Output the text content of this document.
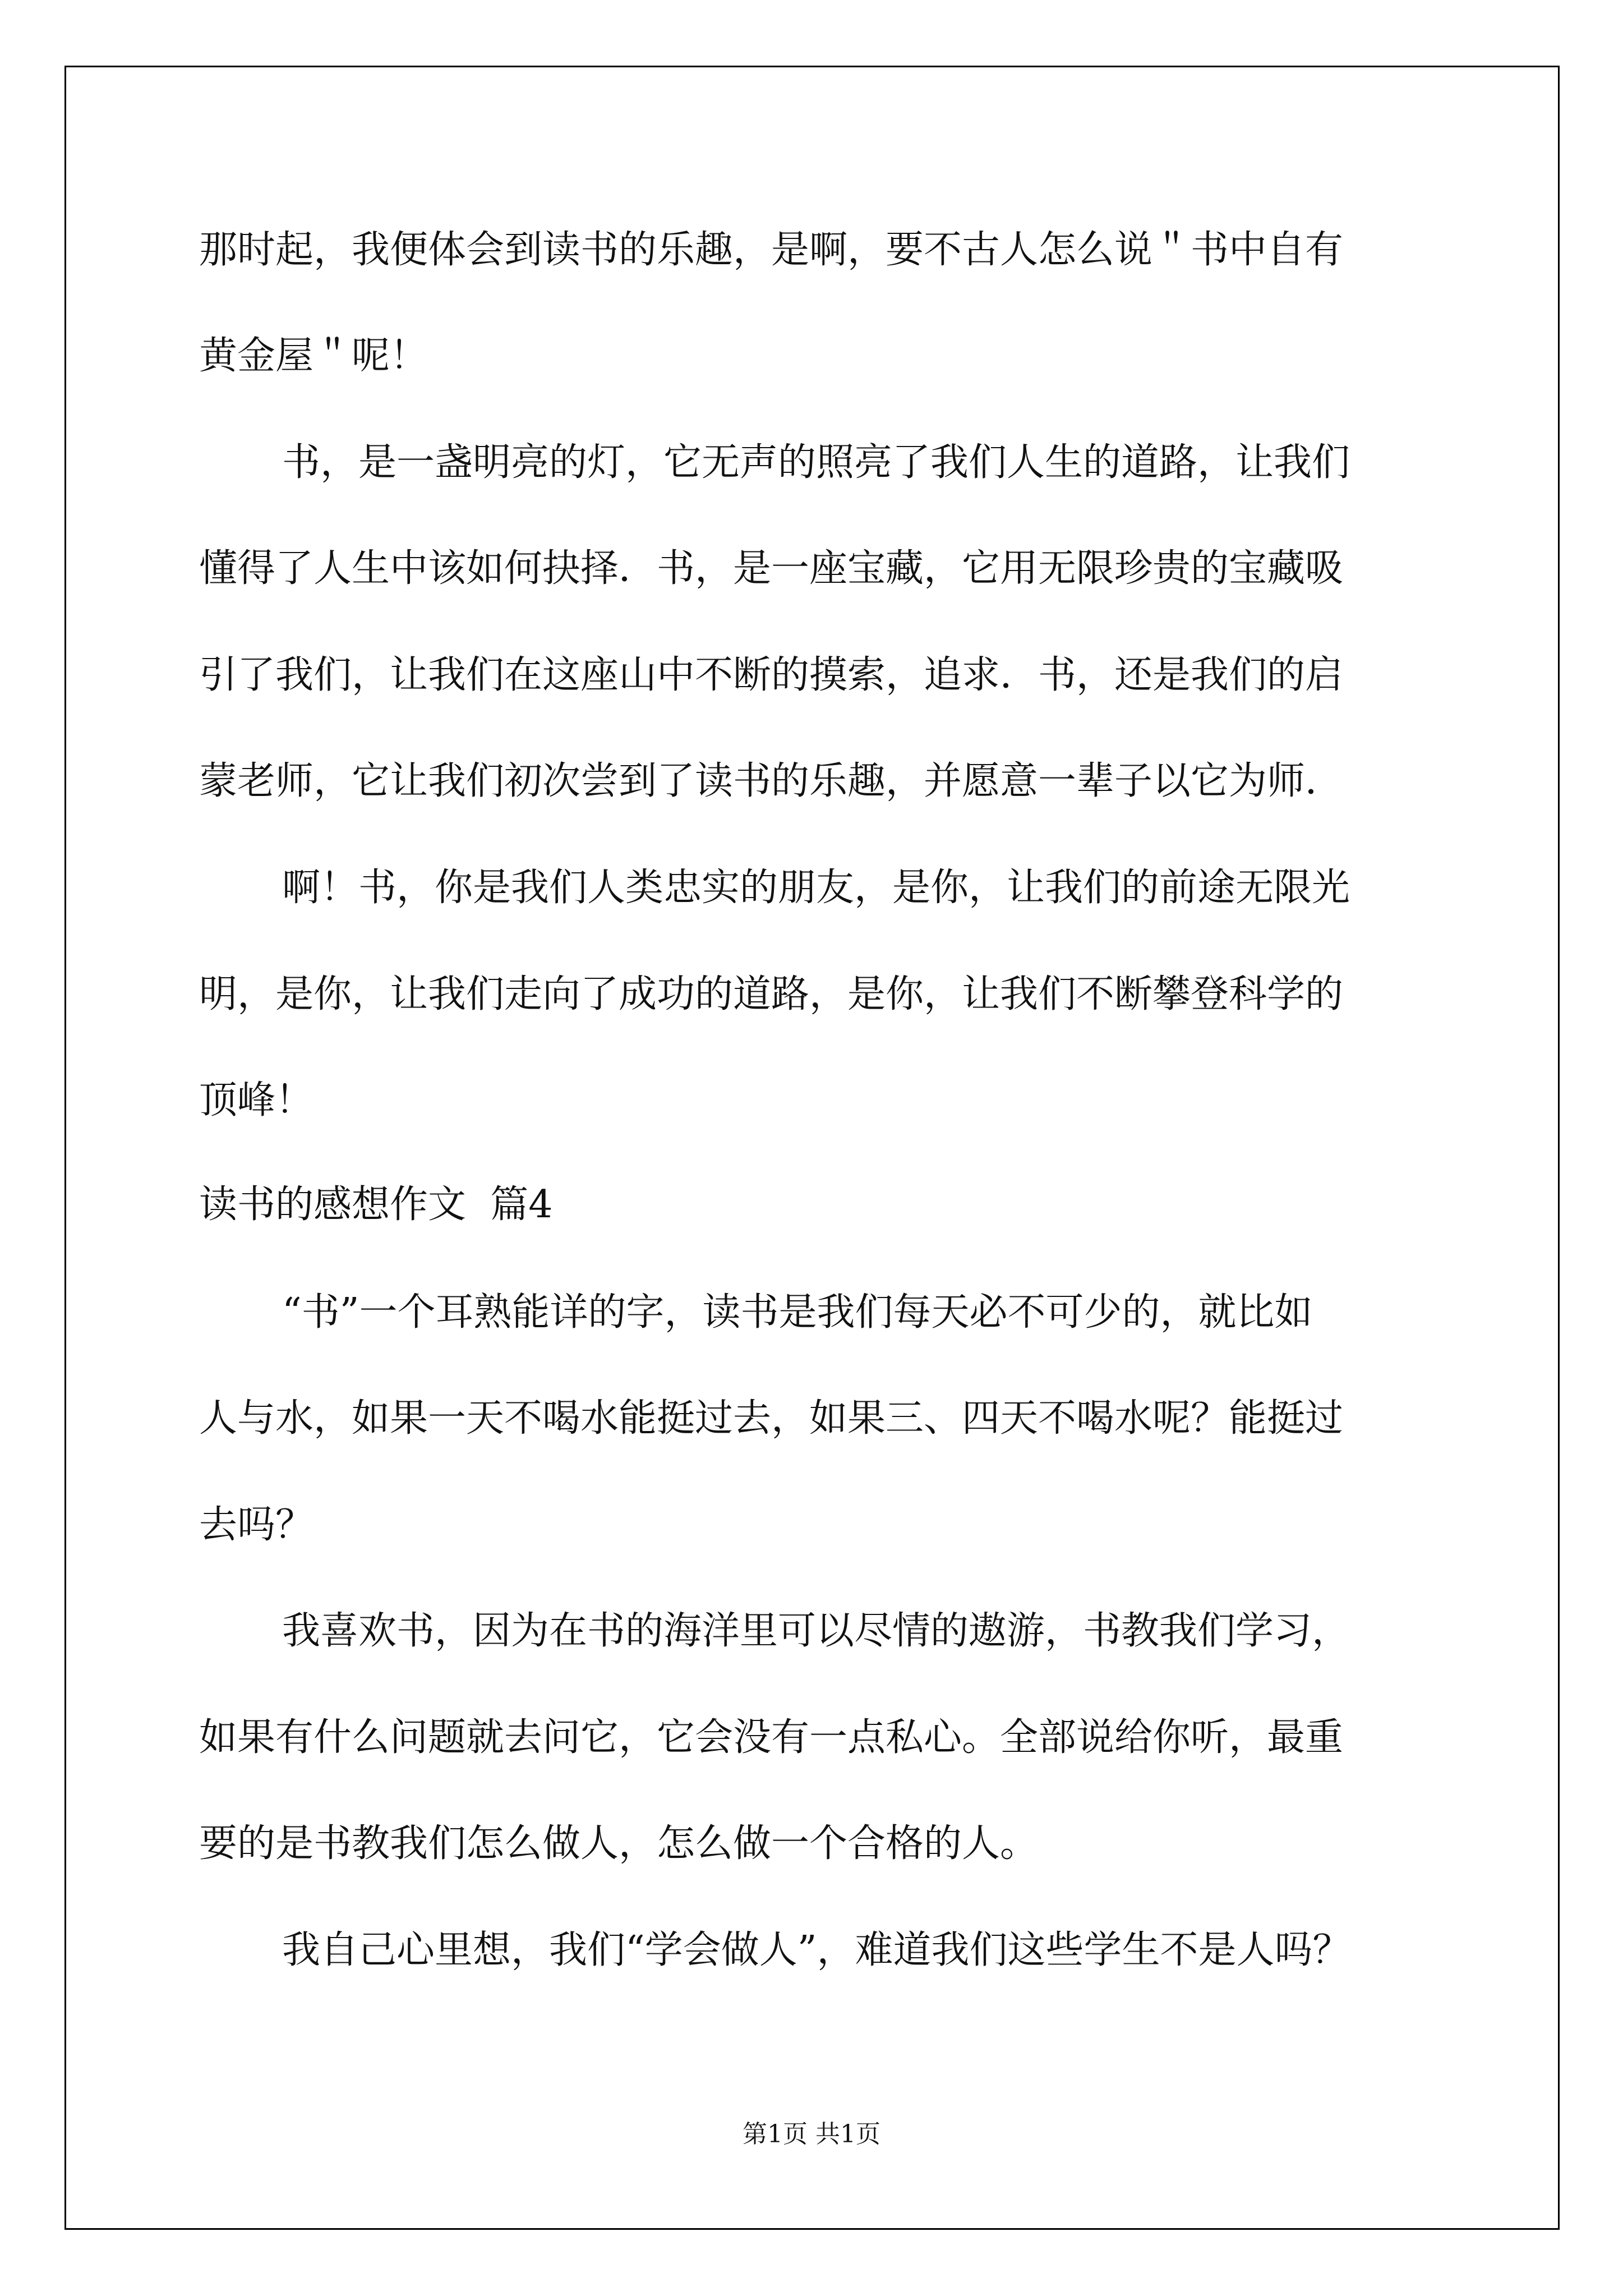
那时起，我便体会到读书的乐趣，是啊，要不古人怎么说＂书中自有
黄金屋＂呢！
书，是一盏明亮的灯，它无声的照亮了我们人生的道路，让我们
懂得了人生中该如何抉择．书，是一座宝藏，它用无限珍贵的宝藏吸
引了我们，让我们在这座山中不断的摸索，追求．书，还是我们的启
蒙老师，它让我们初次尝到了读书的乐趣，并愿意一辈子以它为师．
啊！书，你是我们人类忠实的朋友，是你，让我们的前途无限光
明，是你，让我们走向了成功的道路，是你，让我们不断攀登科学的
顶峰！
读书的感想作文  篇4
“书”一个耳熟能详的字，读书是我们每天必不可少的，就比如
人与水，如果一天不喝水能挺过去，如果三、四天不喝水呢？能挺过
去吗？
我喜欢书，因为在书的海洋里可以尽情的遨游，书教我们学习，
如果有什么问题就去问它，它会没有一点私心。全部说给你听，最重
要的是书教我们怎么做人，怎么做一个合格的人。
我自己心里想，我们“学会做人”，难道我们这些学生不是人吗？
第1页 共1页
